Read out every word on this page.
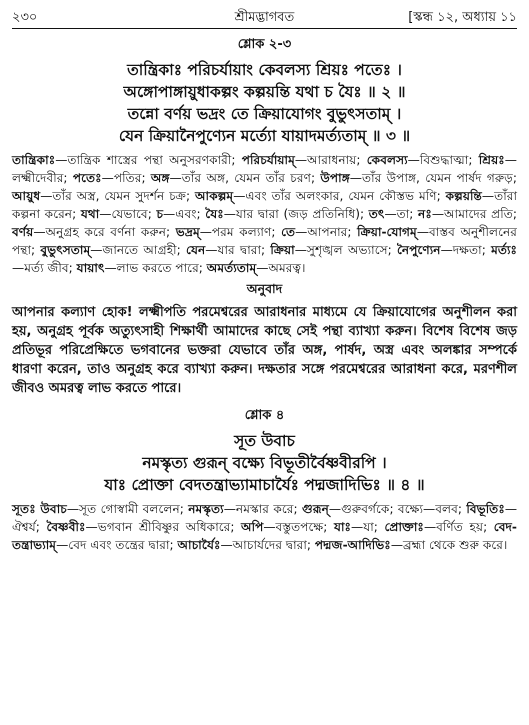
২৩০	শ্রীমদ্ভাগবত	[স্কন্ধ ১২, অধ্যায় ১১
শ্লোক ২-৩
তান্ত্রিকাঃ পরিচর্যায়াং কেবলস্য শ্রিয়ঃ পতেঃ ।
অঙ্গোপাঙ্গায়ুধাকল্পং কল্পয়ন্তি যথা চ যৈঃ ॥ ২ ॥
তন্নো বর্ণয় ভদ্রং তে ক্রিয়াযোগং বুভুৎসতাম্‌ ।
যেন ক্রিয়ানৈপুণ্যেন মর্ত্যো যায়াদমর্ত্যতাম্‌ ॥ ৩ ॥
তান্ত্রিকাঃ—তান্ত্রিক শাস্ত্রের পন্থা অনুসরণকারী; পরিচর্যায়াম্‌—আরাধনায়; কেবলস্য—বিশুদ্ধাত্মা; শ্রিয়ঃ—লক্ষ্মীদেবীর; পতেঃ—পতির; অঙ্গ—তাঁর অঙ্গ, যেমন তাঁর চরণ; উপাঙ্গ—তাঁর উপাঙ্গ, যেমন পার্ষদ গরুড়; আয়ুধ—তাঁর অস্ত্র, যেমন সুদর্শন চক্র; আকল্পম্‌—এবং তাঁর অলংকার, যেমন কৌস্তভ মণি; কল্পয়ন্তি—তাঁরা কল্পনা করেন; যথা—যেভাবে; চ—এবং; যৈঃ—যার দ্বারা (জড় প্রতিনিধি); তৎ—তা; নঃ—আমাদের প্রতি; বর্ণয়—অনুগ্রহ করে বর্ণনা করুন; ভদ্রম্‌—পরম কল্যাণ; তে—আপনার; ক্রিয়া-যোগম্‌—বাস্তব অনুশীলনের পন্থা; বুভুৎসতাম্‌—জানতে আগ্রহী; যেন—যার দ্বারা; ক্রিয়া—সুশৃঙ্খল অভ্যাসে; নৈপুণ্যেন—দক্ষতা; মর্ত্যঃ—মর্ত্য জীব; যায়াৎ—লাভ করতে পারে; অমর্ত্যতাম্‌—অমরত্ব।
অনুবাদ
আপনার কল্যাণ হোক! লক্ষ্মীপতি পরমেশ্বরের আরাধনার মাধ্যমে যে ক্রিয়াযোগের অনুশীলন করা হয়, অনুগ্রহ পূর্বক অত্যুৎসাহী শিক্ষার্থী আমাদের কাছে সেই পন্থা ব্যাখ্যা করুন। বিশেষ বিশেষ জড় প্রতিভূর পরিপ্রেক্ষিতে ভগবানের ভক্তরা যেভাবে তাঁর অঙ্গ, পার্ষদ, অস্ত্র এবং অলঙ্কার সম্পর্কে ধারণা করেন, তাও অনুগ্রহ করে ব্যাখ্যা করুন। দক্ষতার সঙ্গে পরমেশ্বরের আরাধনা করে, মরণশীল জীবও অমরত্ব লাভ করতে পারে।
শ্লোক ৪
সূত উবাচ
নমস্কৃত্য গুরূন্ বক্ষ্যে বিভূতীর্বৈষ্ণবীরপি ।
যাঃ প্রোক্তা বেদতন্ত্রাভ্যামাচার্যৈঃ পদ্মজাদিভিঃ ॥ ৪ ॥
সূতঃ উবাচ—সূত গোস্বামী বললেন; নমস্কৃত্য—নমস্কার করে; গুরূন্—গুরুবর্গকে; বক্ষ্যে—বলব; বিভূতিঃ—ঐশ্বর্য; বৈষ্ণবীঃ—ভগবান শ্রীবিষ্ণুর অধিকারে; অপি—বস্তুতপক্ষে; যাঃ—যা; প্রোক্তাঃ—বর্ণিত হয়; বেদ-তন্ত্রাভ্যাম্‌—বেদ এবং তন্ত্রের দ্বারা; আচার্যৈঃ—আচার্যদের দ্বারা; পদ্মজ-আদিভিঃ—ব্রহ্মা থেকে শুরু করে।
